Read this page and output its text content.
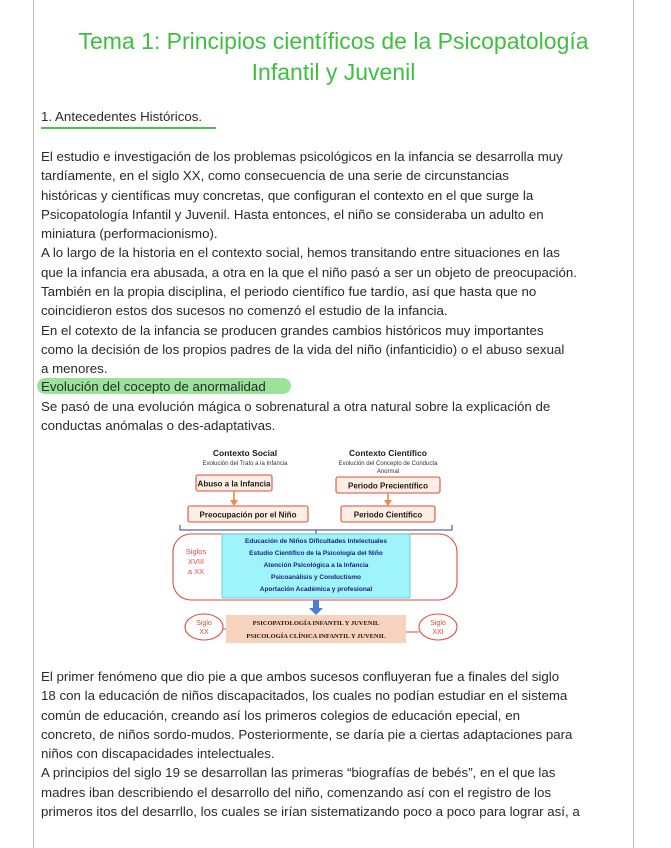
Tema 1: Principios científicos de la Psicopatología
Infantil y Juvenil
1. Antecedentes Históricos.
El estudio e investigación de los problemas psicológicos en la infancia se desarrolla muy
tardíamente, en el siglo XX, como consecuencia de una serie de circunstancias
históricas y científicas muy concretas, que configuran el contexto en el que surge la
Psicopatología Infantil y Juvenil. Hasta entonces, el niño se consideraba un adulto en
miniatura (performacionismo).
A lo largo de la historia en el contexto social, hemos transitando entre situaciones en las
que la infancia era abusada, a otra en la que el niño pasó a ser un objeto de preocupación.
También en la propia disciplina, el periodo científico fue tardío, así que hasta que no
coincidieron estos dos sucesos no comenzó el estudio de la infancia.
En el cotexto de la infancia se producen grandes cambios históricos muy importantes
como la decisión de los propios padres de la vida del niño (infanticidio) o el abuso sexual
a menores.
Evolución del cocepto de anormalidad
Se pasó de una evolución mágica o sobrenatural a otra natural sobre la explicación de
conductas anómalas o des-adaptativas.
Contexto Social
Evolución del Trato a la Infancia
Contexto Científico
Evolución del Concepto de Conducta
Anormal
Abuso a la Infancia	Periodo Precientífico
Preocupación por el Niño	Periodo Científico
Siglos
XVIII
a XX
Educación de Niños Dificultades Intelectuales
Estudio Científico de la Psicología del Niño
Atención Psicológica a la Infancia
Psicoanálisis y Conductismo
Aportación Académica y profesional
PSICOPATOLOGÍA INFANTIL Y JUVENIL
PSICOLOGÍA CLÍNICA INFANTIL Y JUVENIL
Siglo
XX
Siglo
XXI
El primer fenómeno que dio pie a que ambos sucesos confluyeran fue a finales del siglo
18 con la educación de niños discapacitados, los cuales no podían estudiar en el sistema
común de educación, creando así los primeros colegios de educación epecial, en
concreto, de niños sordo-mudos. Posteriormente, se daría pie a ciertas adaptaciones para
niños con discapacidades intelectuales.
A principios del siglo 19 se desarrollan las primeras “biografías de bebés”, en el que las
madres iban describiendo el desarrollo del niño, comenzando así con el registro de los
primeros itos del desarrllo, los cuales se irían sistematizando poco a poco para lograr así, a
